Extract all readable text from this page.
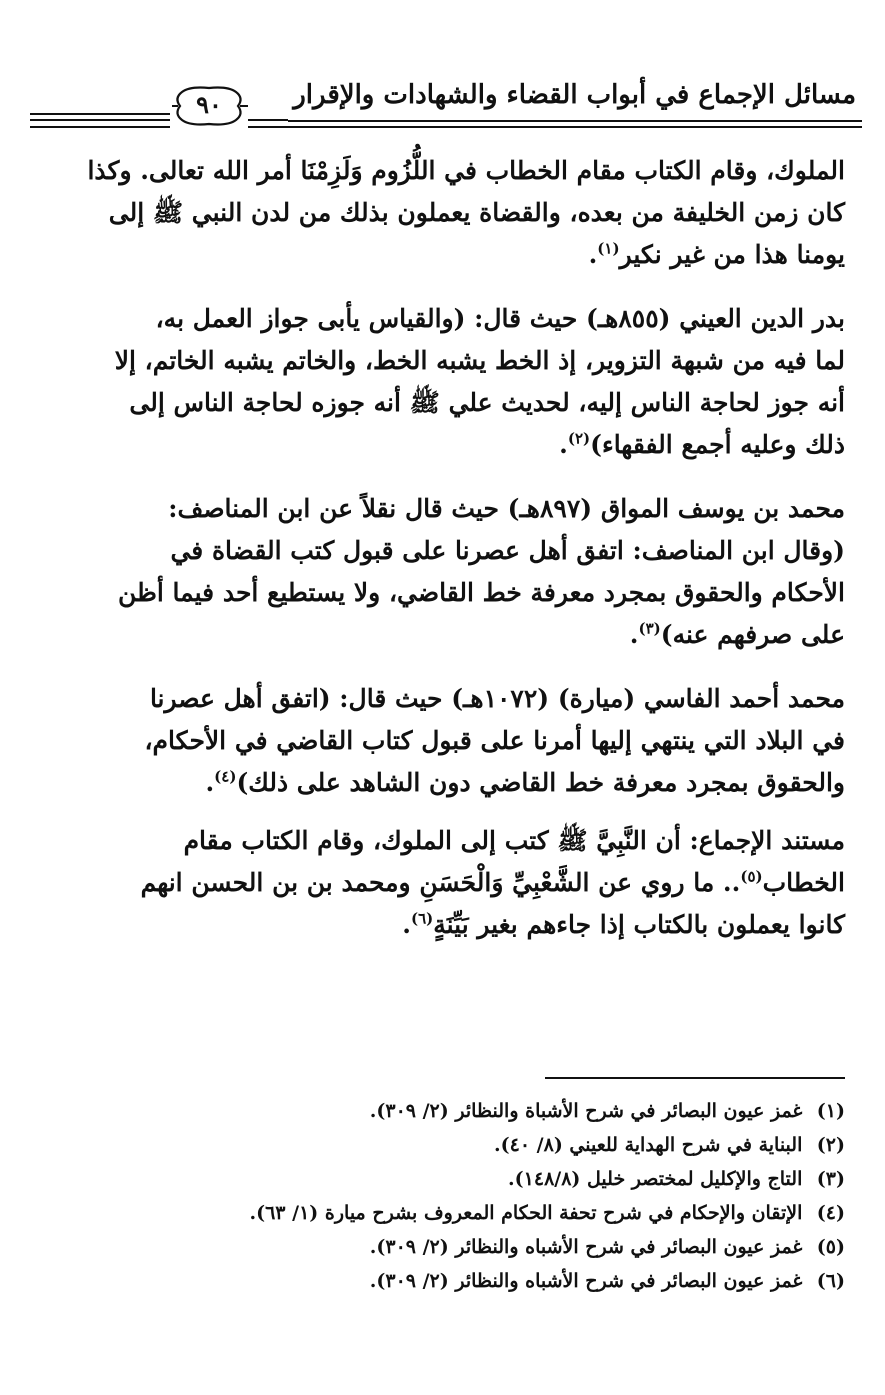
مسائل الإجماع في أبواب القضاء والشهادات والإقرار
٩٠

الملوك، وقام الكتاب مقام الخطاب في اللُّزُوم وَلَزِمْنَا أمر الله تعالى. وكذا
كان زمن الخليفة من بعده، والقضاة يعملون بذلك من لدن النبي ﷺ إلى
يومنا هذا من غير نكير$^{(١)}$.

بدر الدين العيني (٨٥٥هـ) حيث قال: (والقياس يأبى جواز العمل به،
لما فيه من شبهة التزوير، إذ الخط يشبه الخط، والخاتم يشبه الخاتم، إلا
أنه جوز لحاجة الناس إليه، لحديث علي ﷺ أنه جوزه لحاجة الناس إلى
ذلك وعليه أجمع الفقهاء)$^{(٢)}$.

محمد بن يوسف المواق (٨٩٧هـ) حيث قال نقلاً عن ابن المناصف:
(وقال ابن المناصف: اتفق أهل عصرنا على قبول كتب القضاة في
الأحكام والحقوق بمجرد معرفة خط القاضي، ولا يستطيع أحد فيما أظن
على صرفهم عنه)$^{(٣)}$.

محمد أحمد الفاسي (ميارة) (١٠٧٢هـ) حيث قال: (اتفق أهل عصرنا
في البلاد التي ينتهي إليها أمرنا على قبول كتاب القاضي في الأحكام،
والحقوق بمجرد معرفة خط القاضي دون الشاهد على ذلك)$^{(٤)}$.

مستند الإجماع: أن النَّبِيَّ ﷺ كتب إلى الملوك، وقام الكتاب مقام
الخطاب$^{(٥)}$.. ما روي عن الشَّعْبِيِّ وَالْحَسَنِ ومحمد بن بن الحسن انهم
كانوا يعملون بالكتاب إذا جاءهم بغير بَيِّنَةٍ$^{(٦)}$.

(١) غمز عيون البصائر في شرح الأشباة والنظائر (٢/ ٣٠٩).
(٢) البناية في شرح الهداية للعيني (٨/ ٤٠).
(٣) التاج والإكليل لمختصر خليل (١٤٨/٨).
(٤) الإتقان والإحكام في شرح تحفة الحكام المعروف بشرح ميارة (١/ ٦٣).
(٥) غمز عيون البصائر في شرح الأشباه والنظائر (٢/ ٣٠٩).
(٦) غمز عيون البصائر في شرح الأشباه والنظائر (٢/ ٣٠٩).
